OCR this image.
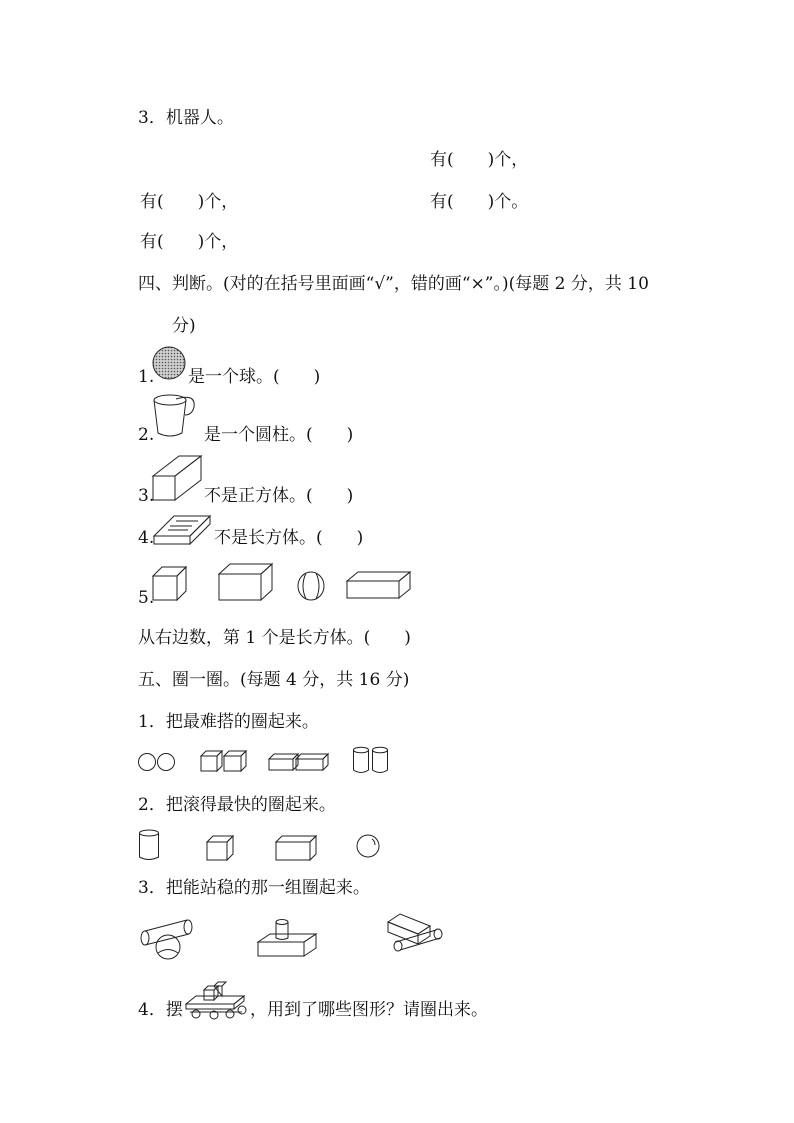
3．机器人。
有(　　)个，
有(　　)个，	有(　　)个。
有(　　)个，
四、判断。(对的在括号里面画“√”，错的画“×”。)(每题 2 分，共 10
分)
1. 是一个球。(　　)
2.	是一个圆柱。(　　)
3.	不是正方体。(　　)
4.	不是长方体。(　　)
5.
从右边数，第 1 个是长方体。(　　)
五、圈一圈。(每题 4 分，共 16 分)
1．把最难搭的圈起来。
2．把滚得最快的圈起来。
3．把能站稳的那一组圈起来。
4．摆	，用到了哪些图形？请圈出来。
